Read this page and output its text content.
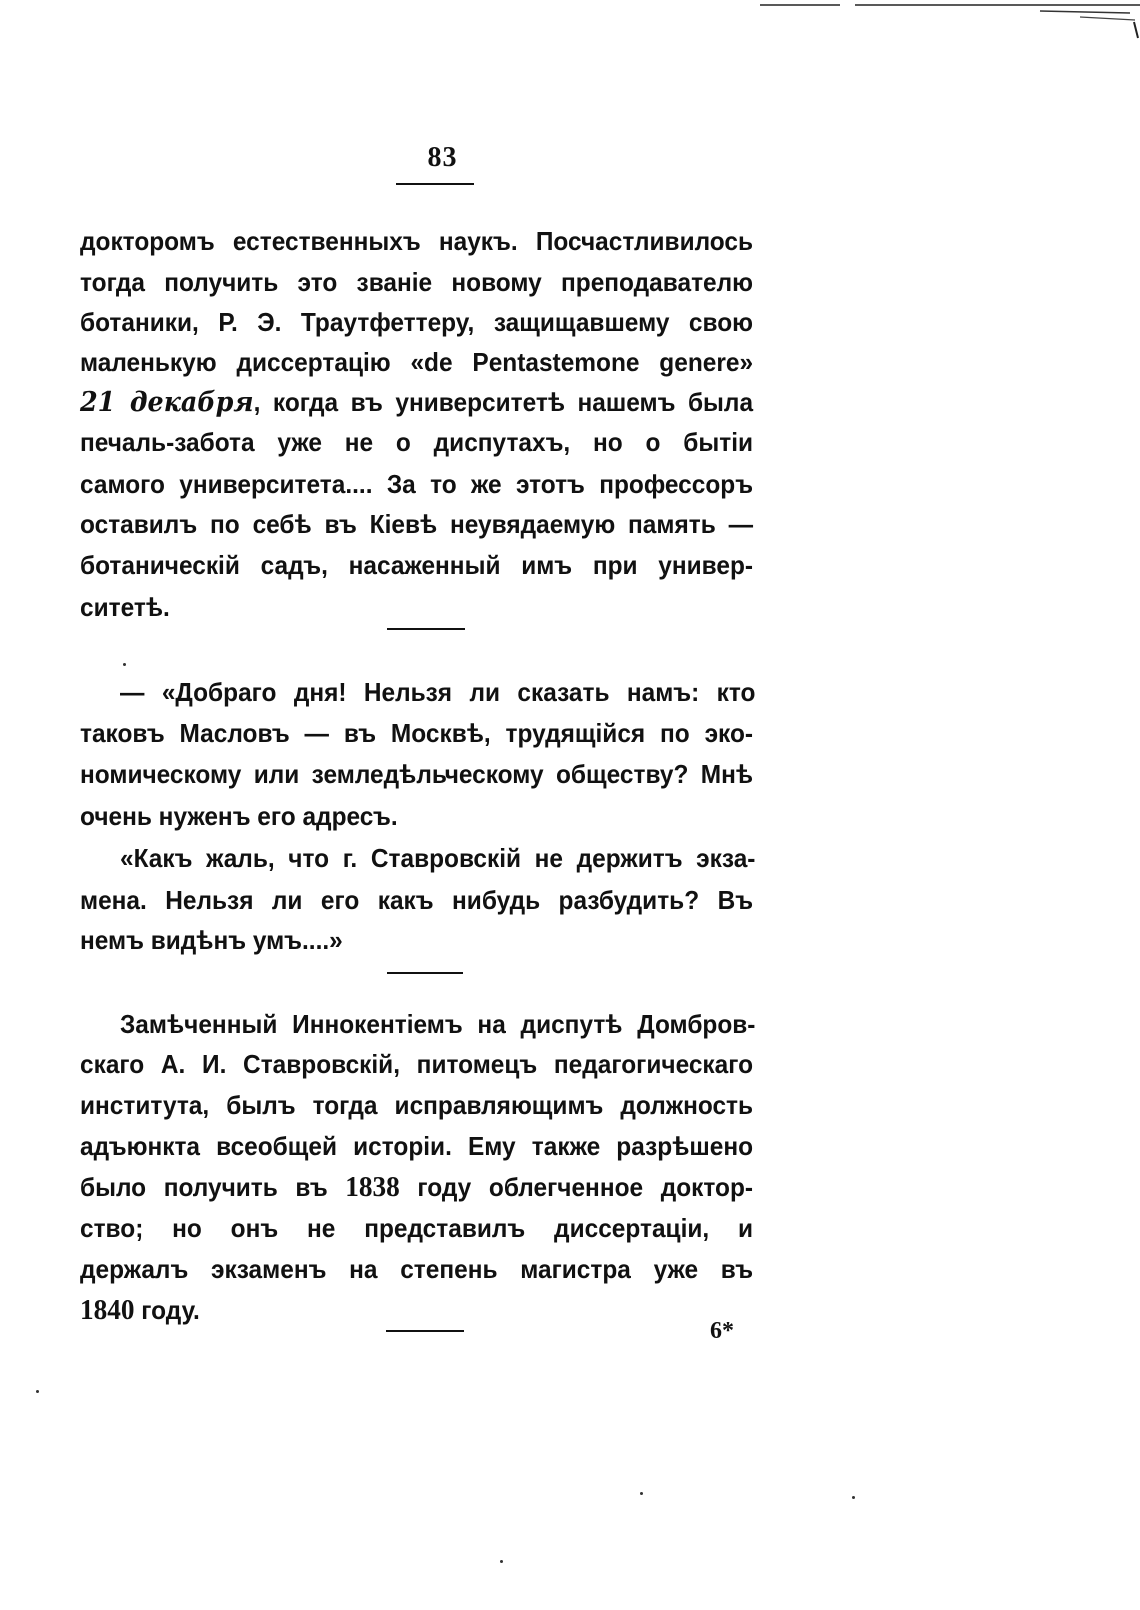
83
докторомъ естественныхъ наукъ. Посчастливилось
тогда получить это званіе новому преподавателю
ботаники, Р. Э. Траутфеттеру, защищавшему свою
маленькую диссертацію «de Pentastemone genere»
21 декабря, когда въ университетѣ нашемъ была
печаль-забота уже не о диспутахъ, но о бытіи
самого университета.... За то же этотъ профессоръ
оставилъ по себѣ въ Кіевѣ неувядаемую память —
ботаническій садъ, насаженный имъ при универ-
ситетѣ.
— «Добраго дня! Нельзя ли сказать намъ: кто
таковъ Масловъ — въ Москвѣ, трудящійся по эко-
номическому или земледѣльческому обществу? Мнѣ
очень нуженъ его адресъ.
«Какъ жаль, что г. Ставровскій не держитъ экза-
мена. Нельзя ли его какъ нибудь разбудить? Въ
немъ видѣнъ умъ....»
Замѣченный Иннокентіемъ на диспутѣ Домбров-
скаго А. И. Ставровскій, питомецъ педагогическаго
института, былъ тогда исправляющимъ должность
адъюнкта всеобщей исторіи. Ему также разрѣшено
было получить въ 1838 году облегченное доктор-
ство; но онъ не представилъ диссертаціи, и
держалъ экзаменъ на степень магистра уже въ
1840 году.
6*
